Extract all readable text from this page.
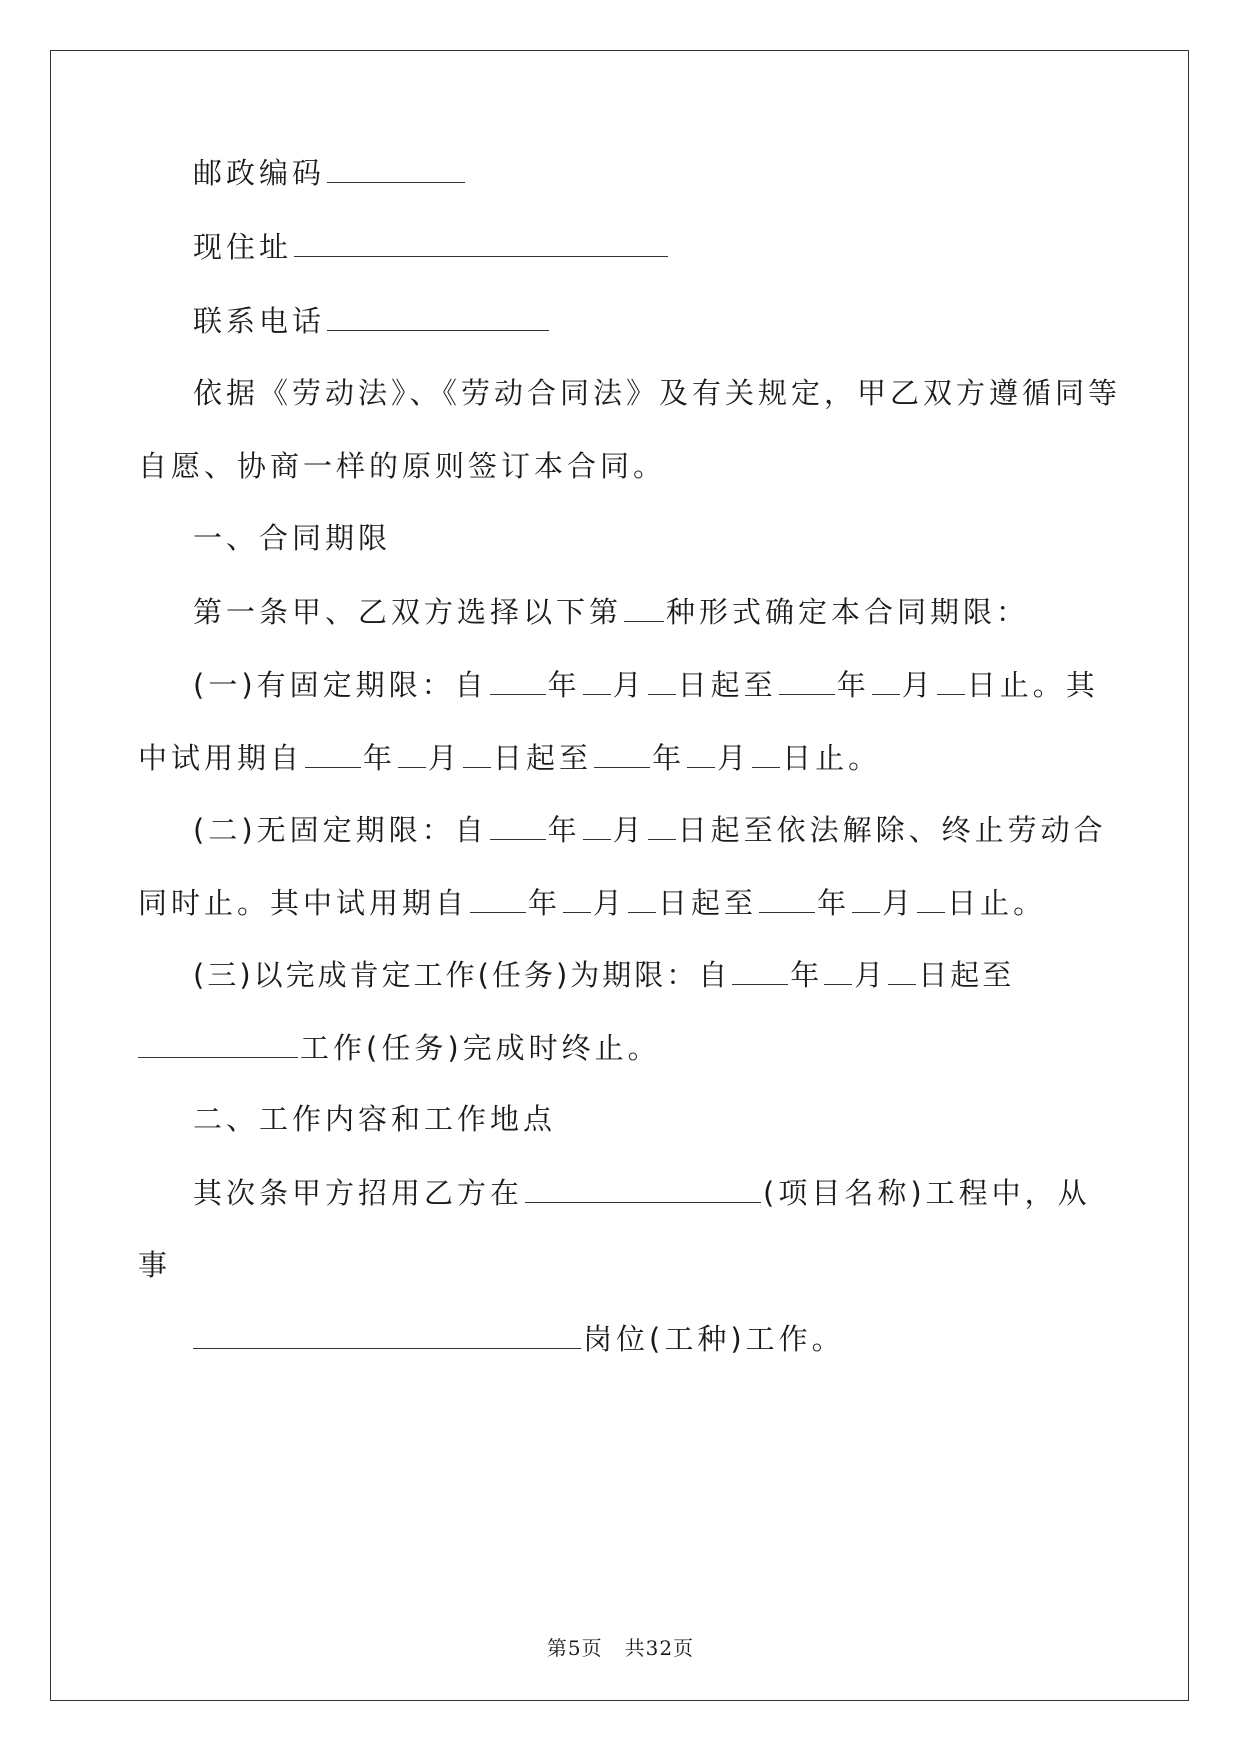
邮政编码

现住址

联系电话

依据《劳动法》、《劳动合同法》及有关规定，甲乙双方遵循同等

自愿、协商一样的原则签订本合同。

一、合同期限

第一条甲、乙双方选择以下第 种形式确定本合同期限：

(一)有固定期限：自 年 月 日起至 年 月 日止。其

中试用期自 年 月 日起至 年 月 日止。

(二)无固定期限：自 年 月 日起至依法解除、终止劳动合

同时止。其中试用期自 年 月 日起至 年 月 日止。

(三)以完成肯定工作(任务)为期限：自 年 月 日起至

工作(任务)完成时终止。

二、工作内容和工作地点

其次条甲方招用乙方在	(项目名称)工程中，从

事

岗位(工种)工作。

第5页 共32页
